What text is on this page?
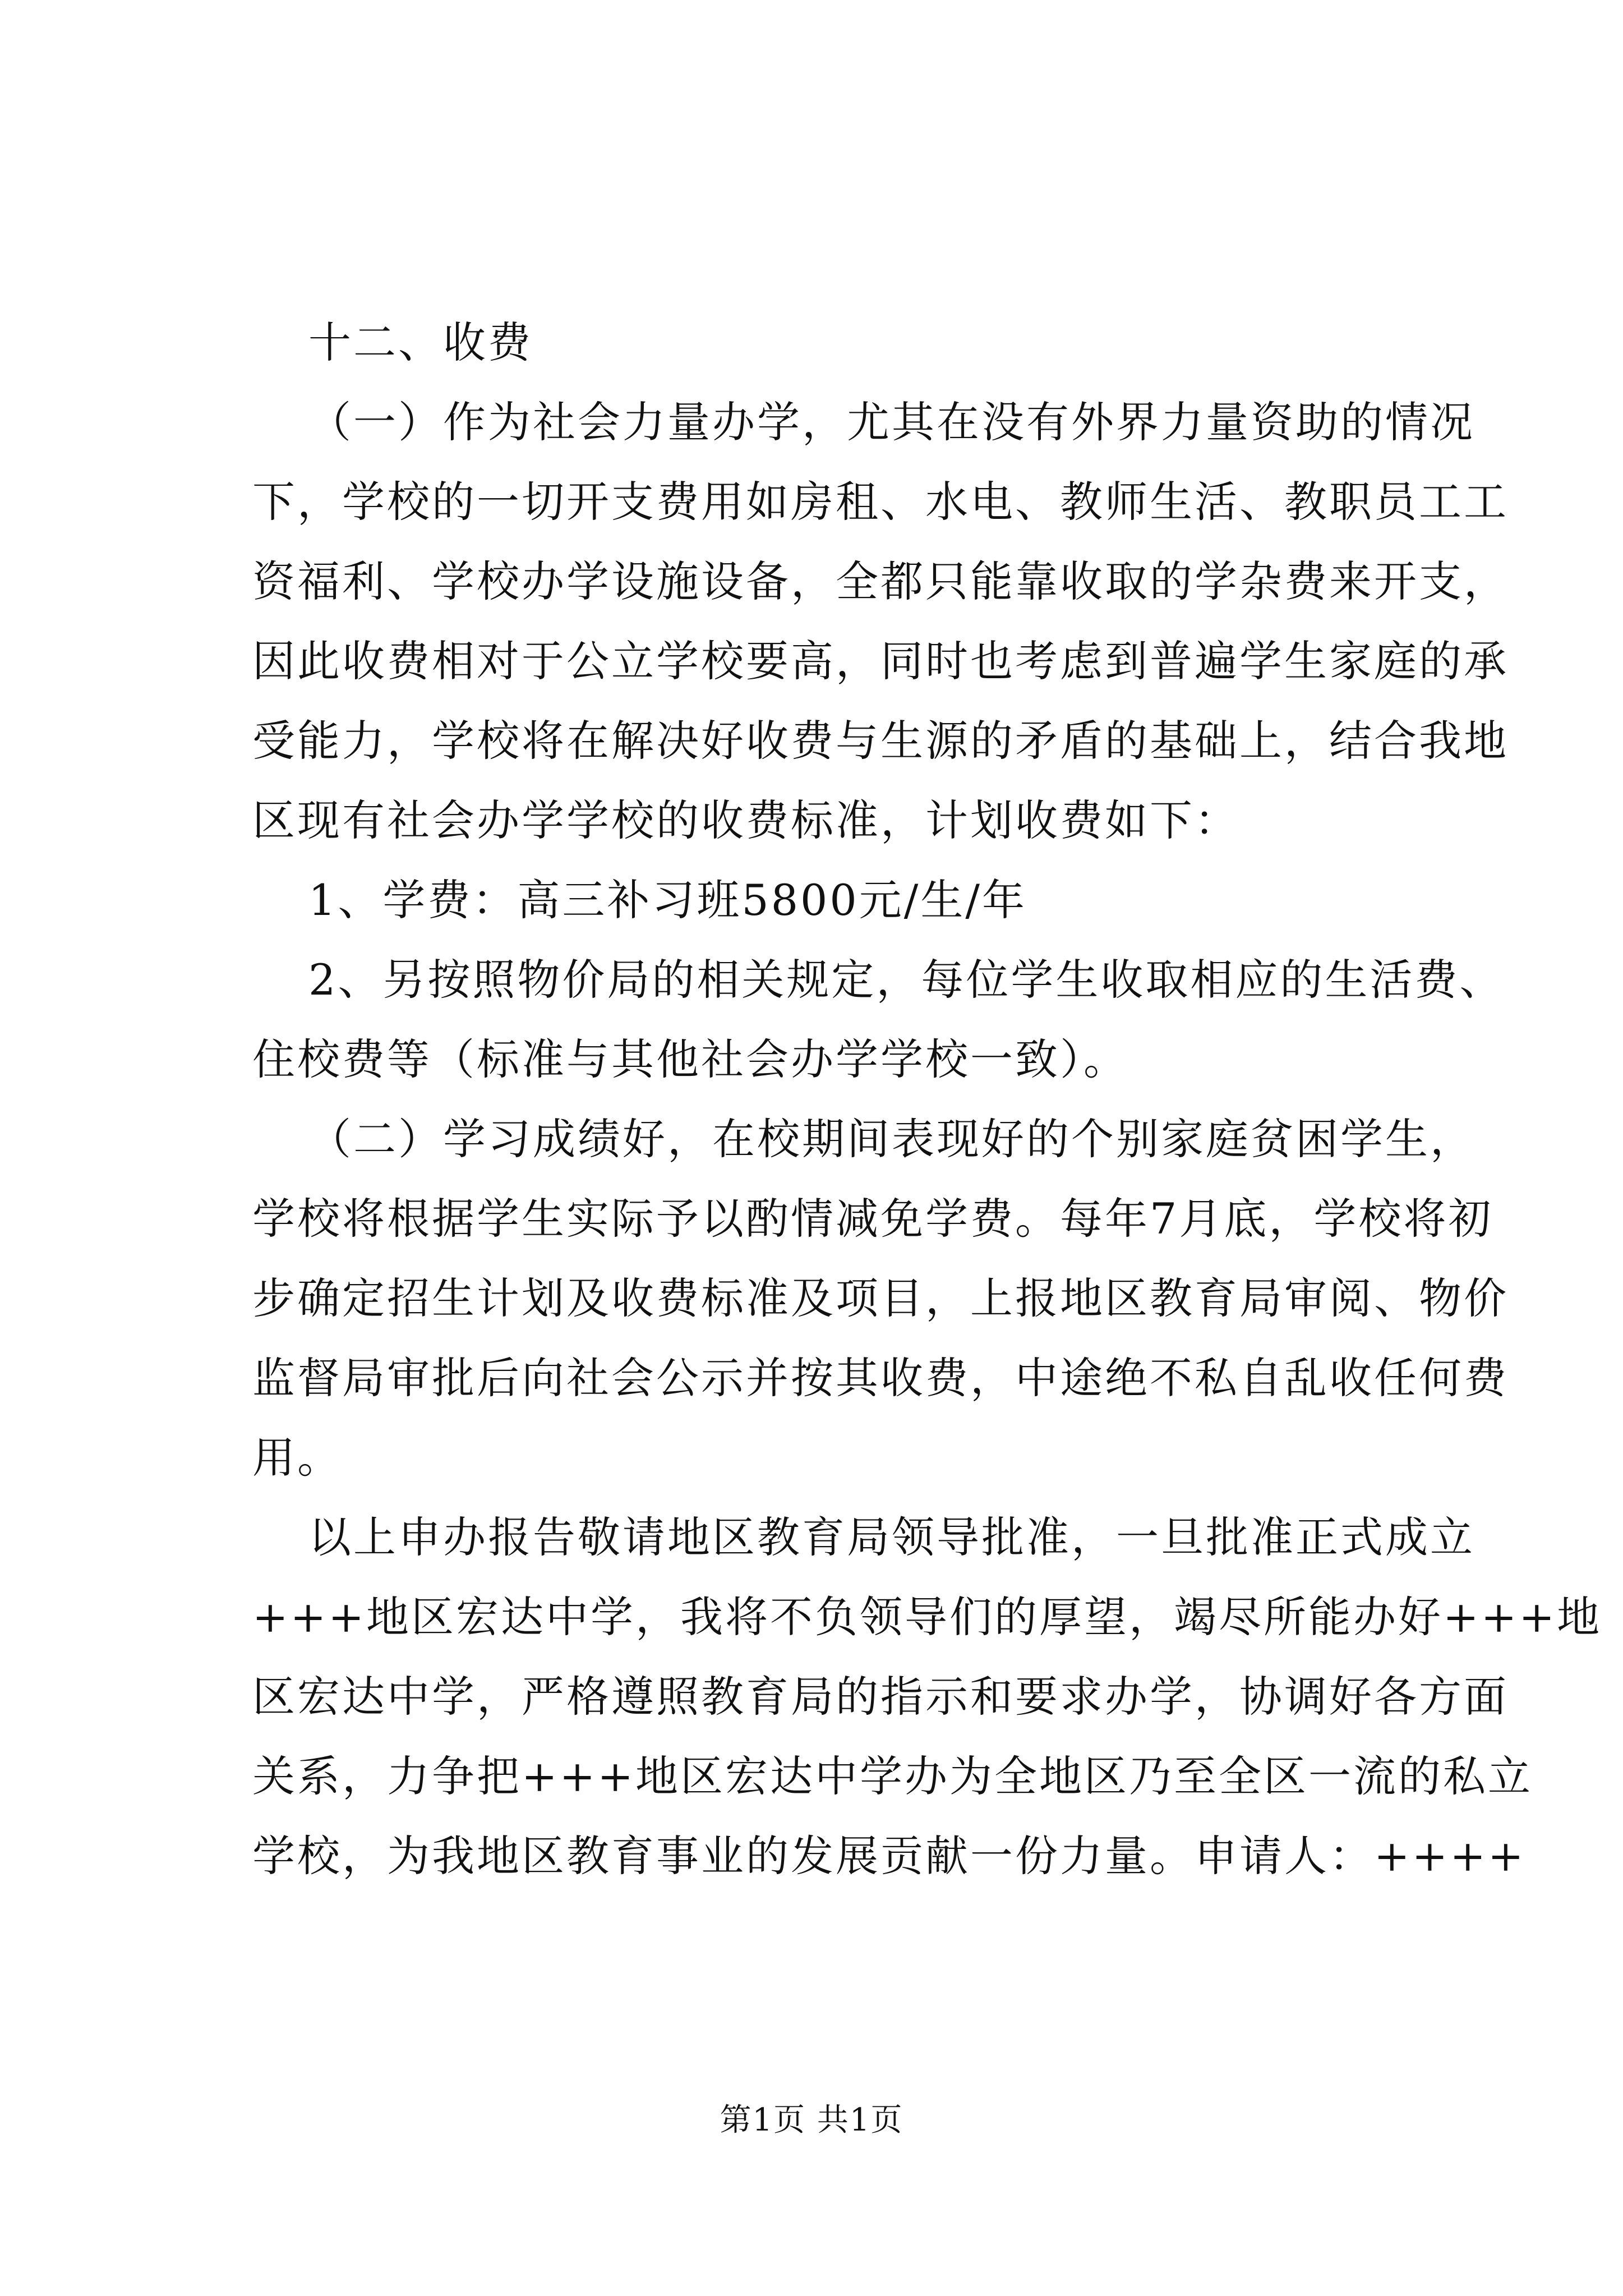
十二、收费
（一）作为社会力量办学，尤其在没有外界力量资助的情况
下，学校的一切开支费用如房租、水电、教师生活、教职员工工
资福利、学校办学设施设备，全都只能靠收取的学杂费来开支，
因此收费相对于公立学校要高，同时也考虑到普遍学生家庭的承
受能力，学校将在解决好收费与生源的矛盾的基础上，结合我地
区现有社会办学学校的收费标准，计划收费如下：
1、学费：高三补习班5800元/生/年
2、另按照物价局的相关规定，每位学生收取相应的生活费、
住校费等（标准与其他社会办学学校一致）。
（二）学习成绩好，在校期间表现好的个别家庭贫困学生，
学校将根据学生实际予以酌情减免学费。每年7月底，学校将初
步确定招生计划及收费标准及项目，上报地区教育局审阅、物价
监督局审批后向社会公示并按其收费，中途绝不私自乱收任何费
用。
以上申办报告敬请地区教育局领导批准，一旦批准正式成立
+++地区宏达中学，我将不负领导们的厚望，竭尽所能办好+++地
区宏达中学，严格遵照教育局的指示和要求办学，协调好各方面
关系，力争把+++地区宏达中学办为全地区乃至全区一流的私立
学校，为我地区教育事业的发展贡献一份力量。申请人：++++
第1页 共1页
